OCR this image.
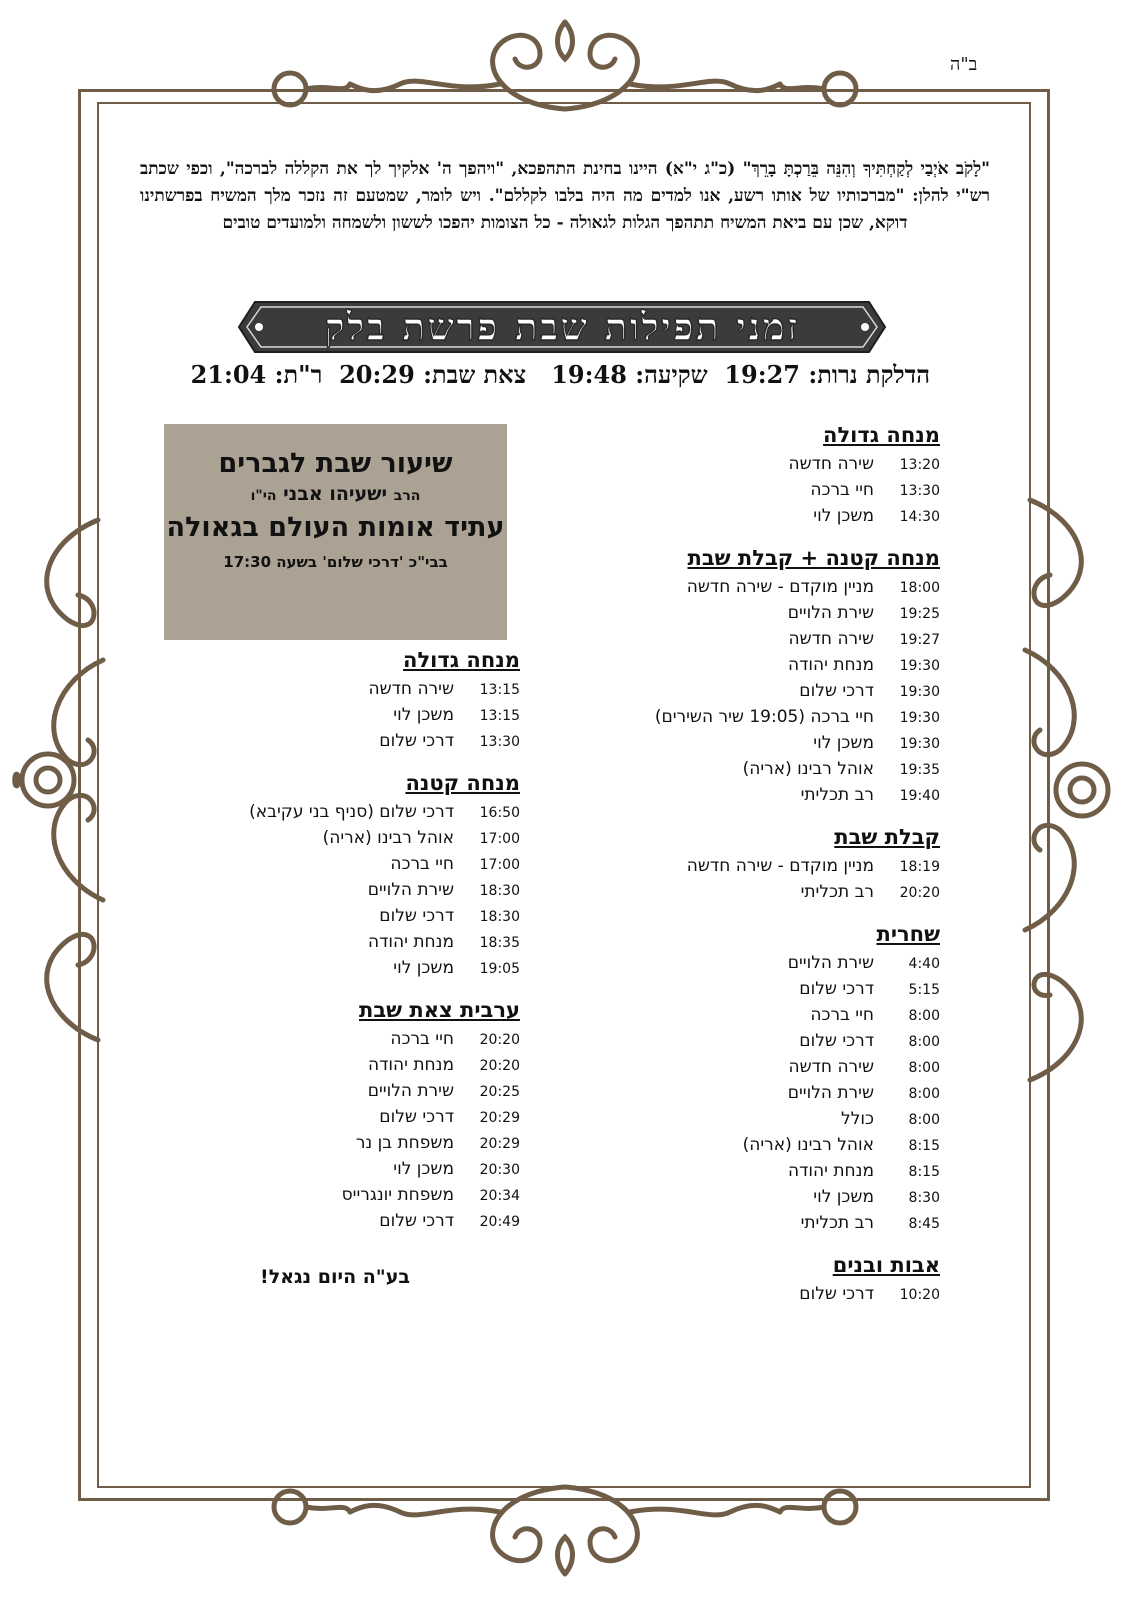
ב"ה
"לָקֹב אֹיְבַי לְקַחְתִּיךָ וְהִנֵּה בֵּרַכְתָּ בָרֵךְ" (כ"ג י"א) היינו בחינת התהפכא, "ויהפך ה' אלקיך לך את הקללה לברכה", וכפי שכתב רש"י להלן: "מברכותיו של אותו רשע, אנו למדים מה היה בלבו לקללם". ויש לומר, שמטעם זה נזכר מלך המשיח בפרשתינו דוקא, שכן עם ביאת המשיח תתהפך הגלות לגאולה - כל הצומות יהפכו לששון ולשמחה ולמועדים טובים
זמני תפילות שבת פרשת בלק
הדלקת נרות: 19:27  שקיעה: 19:48   צאת שבת: 20:29  ר"ת: 21:04
מנחה גדולה
13:20
שירה חדשה
13:30
חיי ברכה
14:30
משכן לוי
מנחה קטנה + קבלת שבת
18:00
מניין מוקדם - שירה חדשה
19:25
שירת הלויים
19:27
שירה חדשה
19:30
מנחת יהודה
19:30
דרכי שלום
19:30
חיי ברכה (19:05 שיר השירים)
19:30
משכן לוי
19:35
אוהל רבינו (אריה)
19:40
רב תכליתי
קבלת שבת
18:19
מניין מוקדם - שירה חדשה
20:20
רב תכליתי
שחרית
4:40
שירת הלויים
5:15
דרכי שלום
8:00
חיי ברכה
8:00
דרכי שלום
8:00
שירה חדשה
8:00
שירת הלויים
8:00
כולל
8:15
אוהל רבינו (אריה)
8:15
מנחת יהודה
8:30
משכן לוי
8:45
רב תכליתי
אבות ובנים
10:20
דרכי שלום
שיעור שבת לגברים
הרב ישעיהו אבני הי"ו
עתיד אומות העולם בגאולה
בבי"כ 'דרכי שלום' בשעה 17:30
מנחה גדולה
13:15
שירה חדשה
13:15
משכן לוי
13:30
דרכי שלום
מנחה קטנה
16:50
דרכי שלום (סניף בני עקיבא)
17:00
אוהל רבינו (אריה)
17:00
חיי ברכה
18:30
שירת הלויים
18:30
דרכי שלום
18:35
מנחת יהודה
19:05
משכן לוי
ערבית צאת שבת
20:20
חיי ברכה
20:20
מנחת יהודה
20:25
שירת הלויים
20:29
דרכי שלום
20:29
משפחת בן נר
20:30
משכן לוי
20:34
משפחת יונגרייס
20:49
דרכי שלום
בע"ה היום נגאל!
